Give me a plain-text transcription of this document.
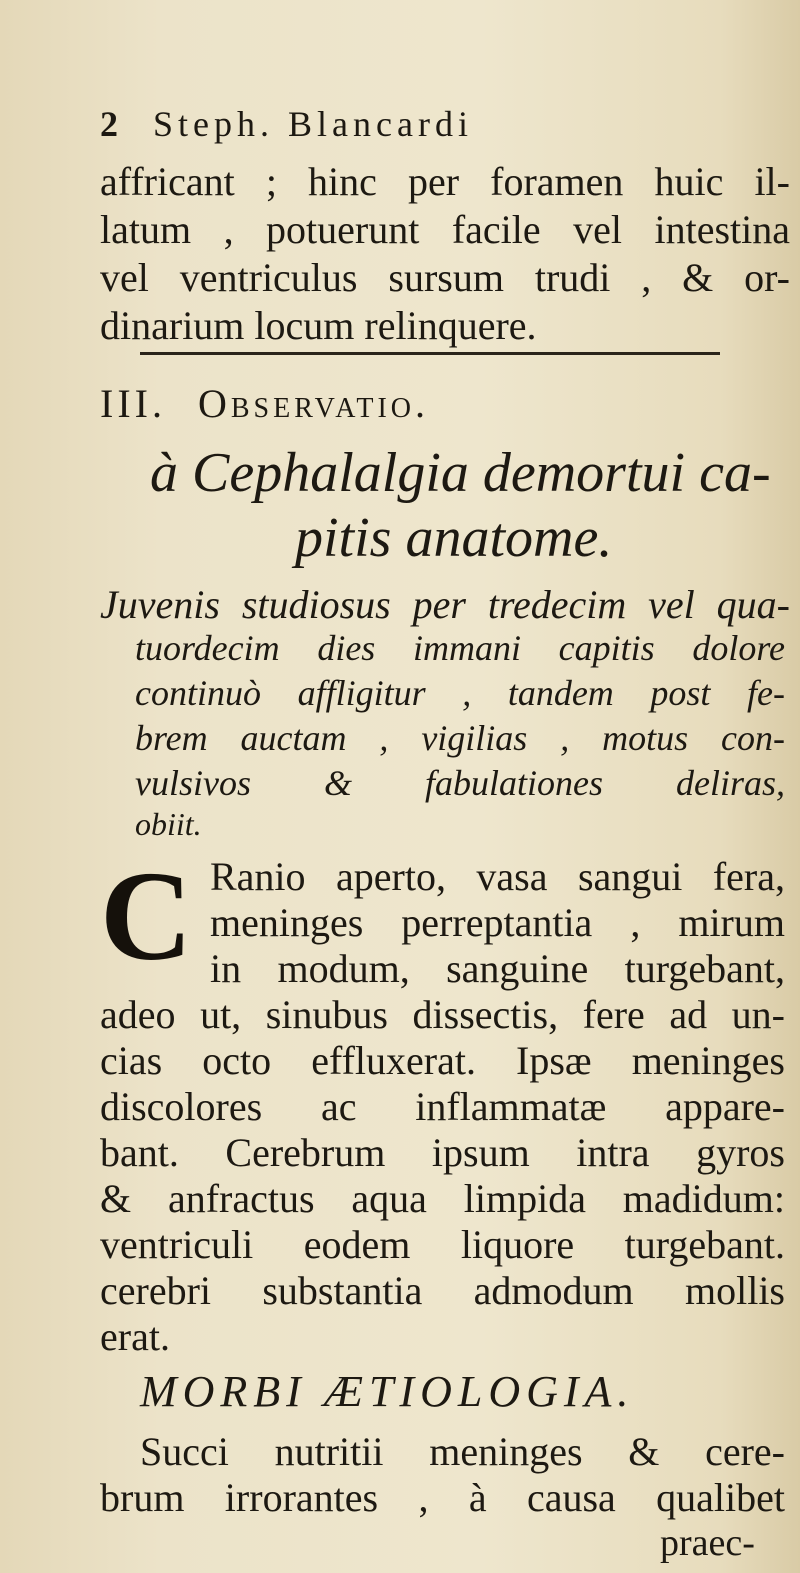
2 Steph. Blancardi
affricant ; hinc per foramen huic il-
latum , potuerunt facile vel intestina
vel ventriculus sursum trudi , & or-
dinarium locum relinquere.
III. Observatio.
à Cephalalgia demortui ca-
pitis anatome.
Juvenis studiosus per tredecim vel qua-
tuordecim dies immani capitis dolore
continuò affligitur , tandem post fe-
brem auctam , vigilias , motus con-
vulsivos & fabulationes deliras,
obiit.
C Ranio aperto, vasa sangui fera,
meninges perreptantia , mirum
in modum, sanguine turgebant,
adeo ut, sinubus dissectis, fere ad un-
cias octo effluxerat. Ipsæ meninges
discolores ac inflammatæ appare-
bant. Cerebrum ipsum intra gyros
& anfractus aqua limpida madidum:
ventriculi eodem liquore turgebant.
cerebri substantia admodum mollis
erat.
MORBI ÆTIOLOGIA.
Succi nutritii meninges & cere-
brum irrorantes , à causa qualibet
praec-
